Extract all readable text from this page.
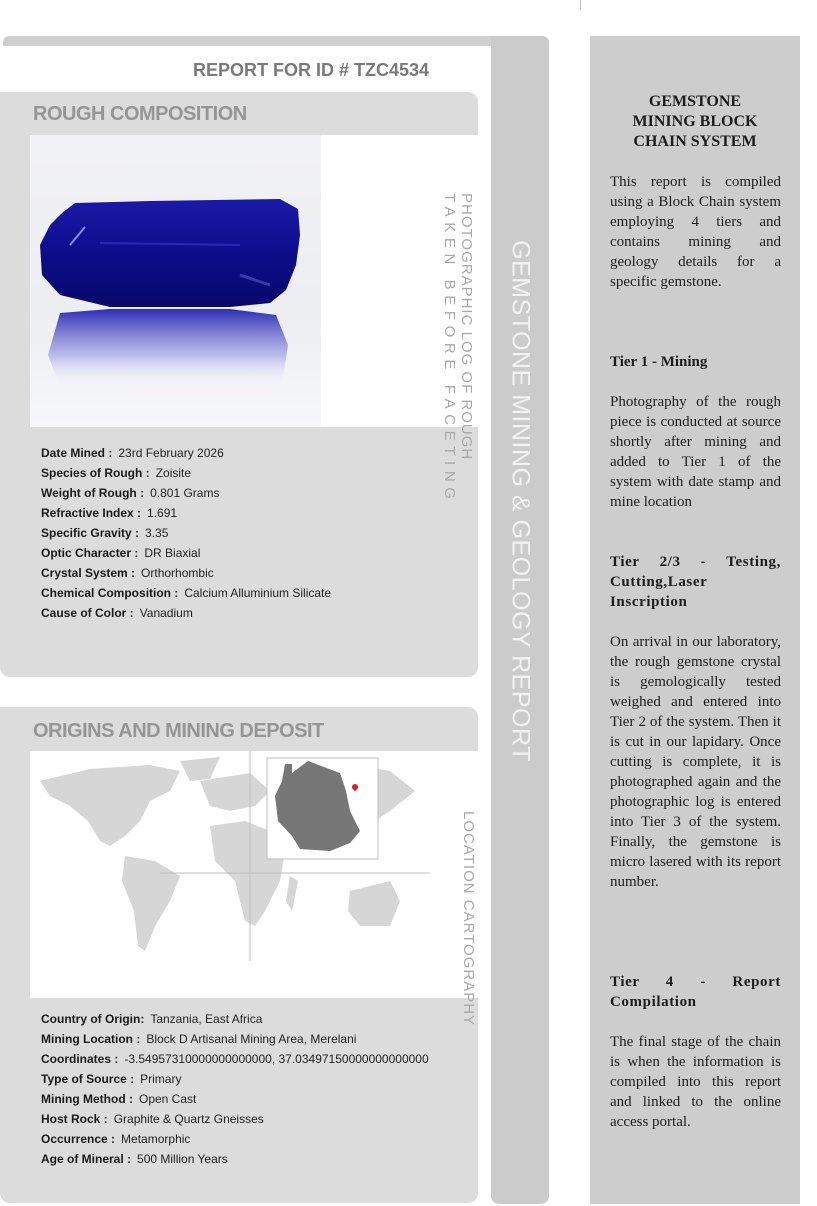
GEMSTONE MINING & GEOLOGY REPORT
REPORT FOR ID # TZC4534
ROUGH COMPOSITION
PHOTOGRAPHIC LOG OF ROUGH
TAKEN BEFORE FACETING
Date Mined : 23rd February 2026
Species of Rough : Zoisite
Weight of Rough : 0.801 Grams
Refractive Index : 1.691
Specific Gravity : 3.35
Optic Character : DR Biaxial
Crystal System : Orthorhombic
Chemical Composition : Calcium Alluminium Silicate
Cause of Color : Vanadium
ORIGINS AND MINING DEPOSIT
LOCATION CARTOGRAPHY
Country of Origin: Tanzania, East Africa
Mining Location : Block D Artisanal Mining Area, Merelani
Coordinates : -3.54957310000000000000, 37.03497150000000000000
Type of Source : Primary
Mining Method : Open Cast
Host Rock : Graphite & Quartz Gneisses
Occurrence : Metamorphic
Age of Mineral : 500 Million Years
GEMSTONE MINING BLOCK CHAIN SYSTEM
This report is compiled using a Block Chain system employing 4 tiers and contains mining and geology details for a specific gemstone.
Tier 1 - Mining
Photography of the rough piece is conducted at source shortly after mining and added to Tier 1 of the system with date stamp and mine location
Tier 2/3 - Testing, Cutting,Laser Inscription
On arrival in our laboratory, the rough gemstone crystal is gemologically tested weighed and entered into Tier 2 of the system. Then it is cut in our lapidary. Once cutting is complete, it is photographed again and the photographic log is entered into Tier 3 of the system. Finally, the gemstone is micro lasered with its report number.
Tier 4 - Report Compilation
The final stage of the chain is when the information is compiled into this report and linked to the online access portal.
